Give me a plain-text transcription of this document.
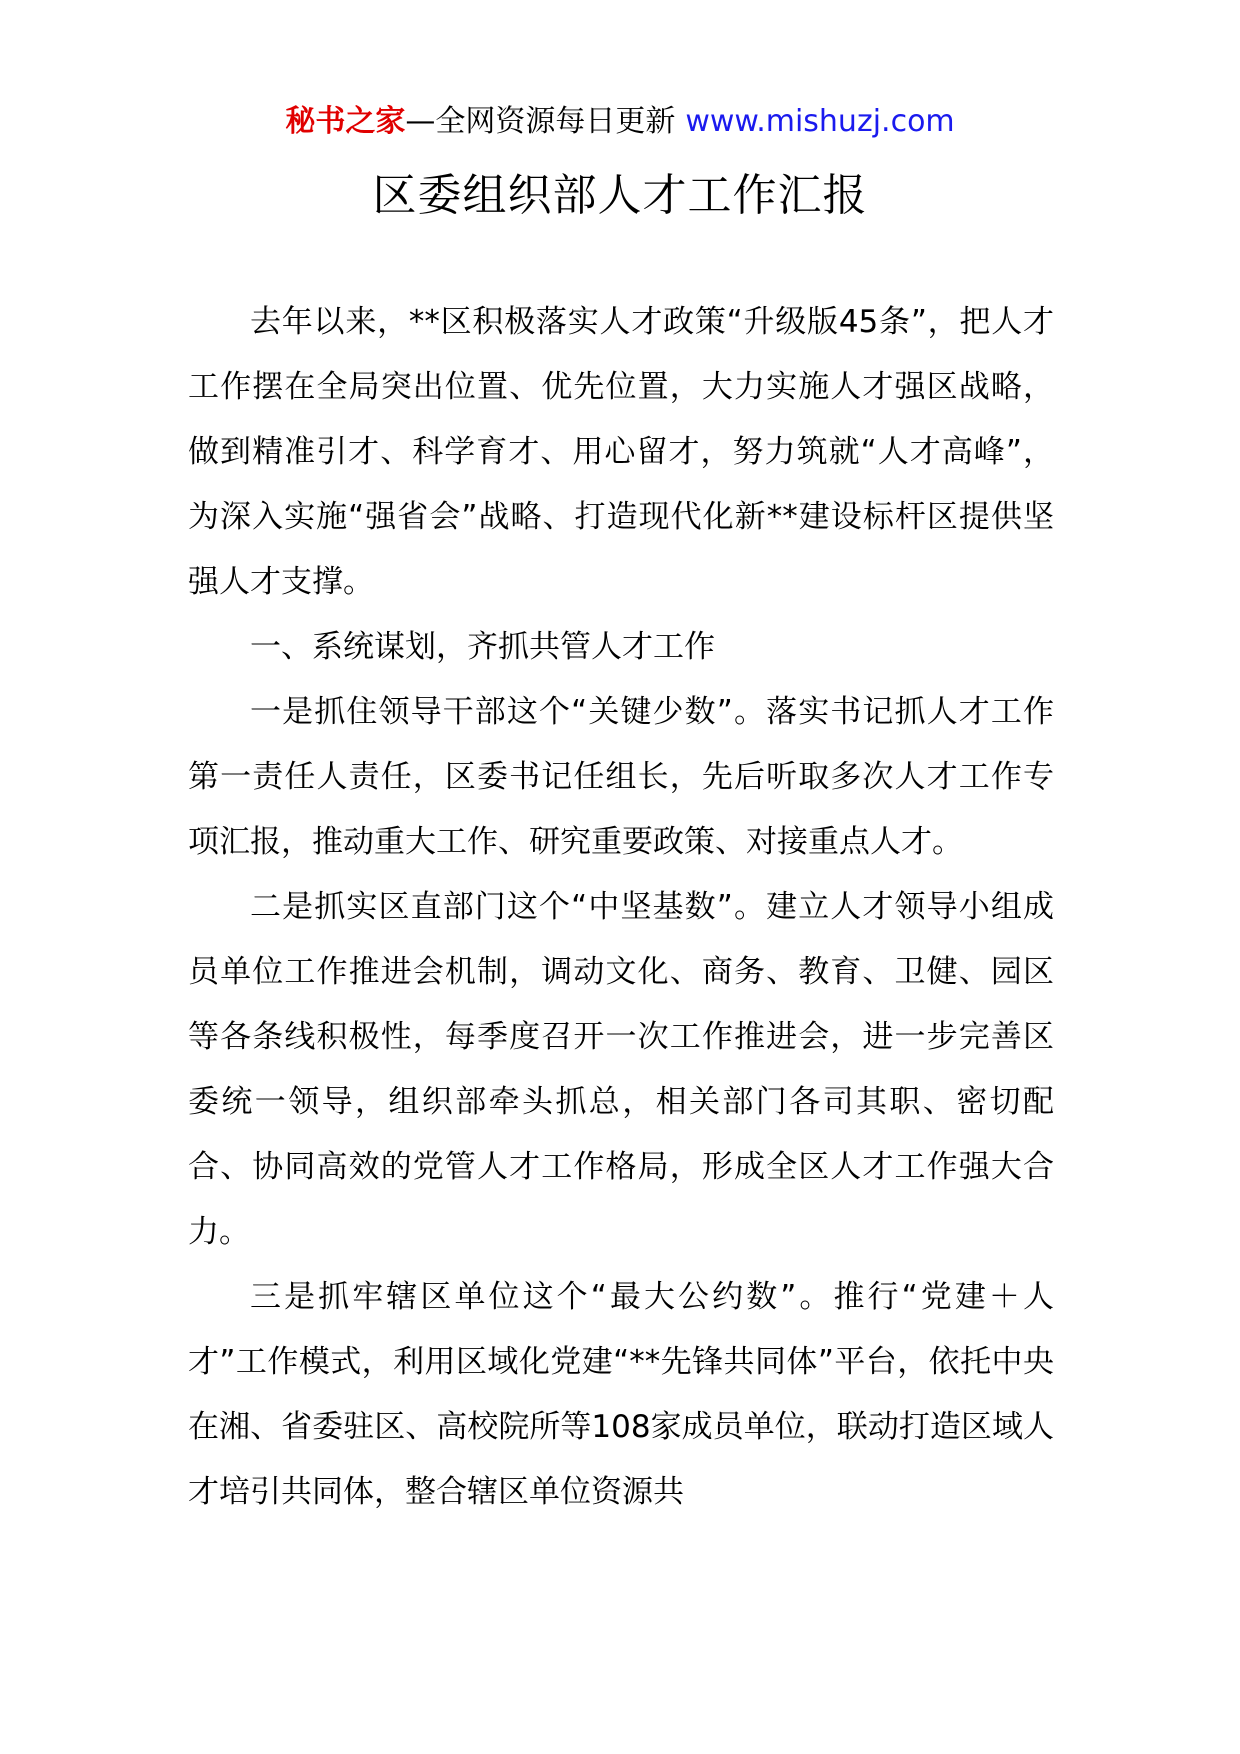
秘书之家—全网资源每日更新 www.mishuzj.com
区委组织部人才工作汇报

去年以来，**区积极落实人才政策“升级版45条”，把人才工作摆在全局突出位置、优先位置，大力实施人才强区战略，做到精准引才、科学育才、用心留才，努力筑就“人才高峰”，为深入实施“强省会”战略、打造现代化新**建设标杆区提供坚强人才支撑。

一、系统谋划，齐抓共管人才工作

一是抓住领导干部这个“关键少数”。落实书记抓人才工作第一责任人责任，区委书记任组长，先后听取多次人才工作专项汇报，推动重大工作、研究重要政策、对接重点人才。

二是抓实区直部门这个“中坚基数”。建立人才领导小组成员单位工作推进会机制，调动文化、商务、教育、卫健、园区等各条线积极性，每季度召开一次工作推进会，进一步完善区委统一领导，组织部牵头抓总，相关部门各司其职、密切配合、协同高效的党管人才工作格局，形成全区人才工作强大合力。

三是抓牢辖区单位这个“最大公约数”。推行“党建＋人才”工作模式，利用区域化党建“**先锋共同体”平台，依托中央在湘、省委驻区、高校院所等108家成员单位，联动打造区域人才培引共同体，整合辖区单位资源共
